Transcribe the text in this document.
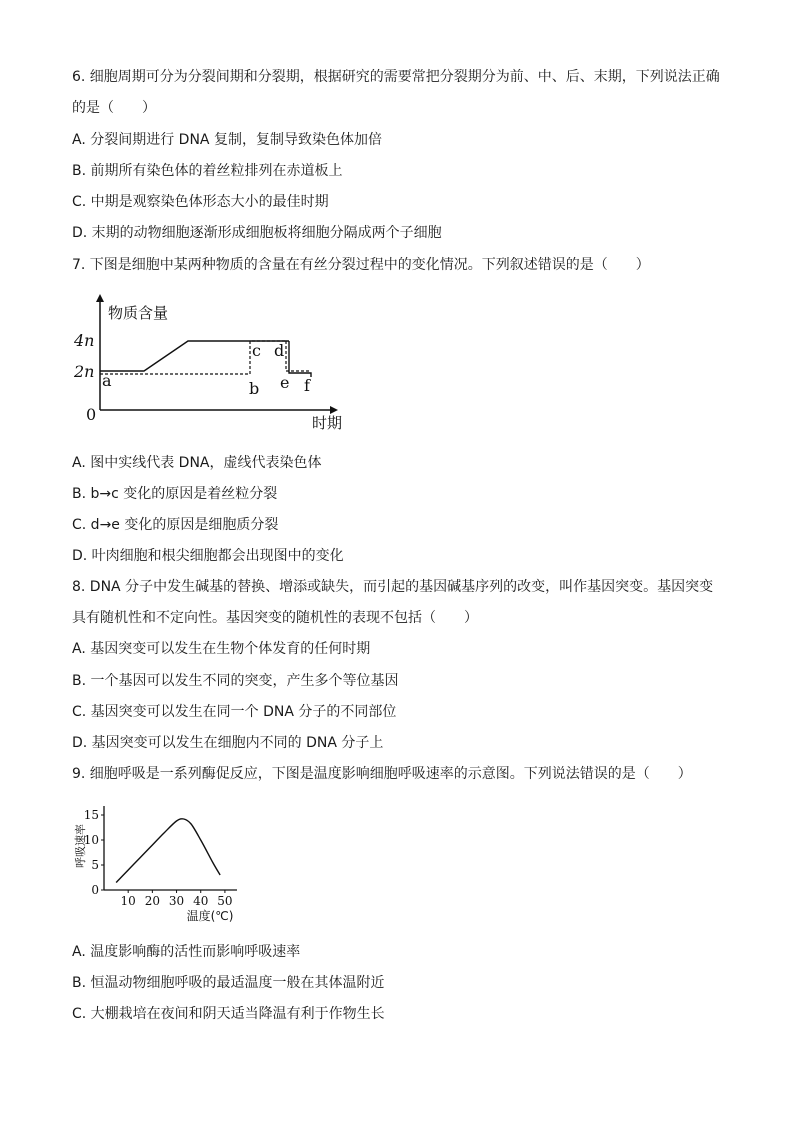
6. 细胞周期可分为分裂间期和分裂期，根据研究的需要常把分裂期分为前、中、后、末期，下列说法正确
的是（　　）
A. 分裂间期进行 DNA 复制，复制导致染色体加倍
B. 前期所有染色体的着丝粒排列在赤道板上
C. 中期是观察染色体形态大小的最佳时期
D. 末期的动物细胞逐渐形成细胞板将细胞分隔成两个子细胞
7. 下图是细胞中某两种物质的含量在有丝分裂过程中的变化情况。下列叙述错误的是（　　）
物质含量
4n
2n
0	时期
a	b
c d
e f
A. 图中实线代表 DNA，虚线代表染色体
B. b→c 变化的原因是着丝粒分裂
C. d→e 变化的原因是细胞质分裂
D. 叶肉细胞和根尖细胞都会出现图中的变化
8. DNA 分子中发生碱基的替换、增添或缺失，而引起的基因碱基序列的改变，叫作基因突变。基因突变
具有随机性和不定向性。基因突变的随机性的表现不包括（　　）
A. 基因突变可以发生在生物个体发育的任何时期
B. 一个基因可以发生不同的突变，产生多个等位基因
C. 基因突变可以发生在同一个 DNA 分子的不同部位
D. 基因突变可以发生在细胞内不同的 DNA 分子上
9. 细胞呼吸是一系列酶促反应，下图是温度影响细胞呼吸速率的示意图。下列说法错误的是（　　）
呼吸速率
温度(℃)
10 20 30 40 50
0
5
10
15
A. 温度影响酶的活性而影响呼吸速率
B. 恒温动物细胞呼吸的最适温度一般在其体温附近
C. 大棚栽培在夜间和阴天适当降温有利于作物生长
